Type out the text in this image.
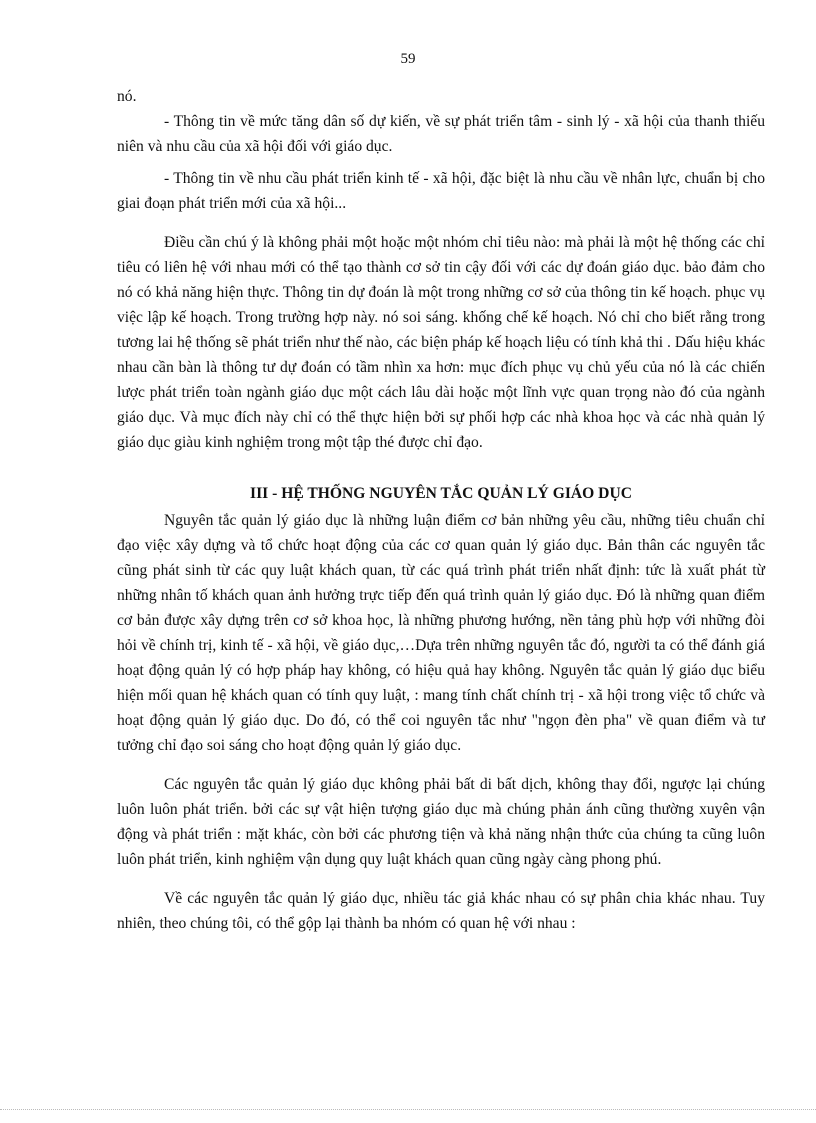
59

nó.

- Thông tin về mức tăng dân số dự kiến, về sự phát triển tâm - sinh lý - xã hội của thanh thiếu niên và nhu cầu của xã hội đối với giáo dục.

- Thông tin về nhu cầu phát triển kinh tế - xã hội, đặc biệt là nhu cầu về nhân lực, chuẩn bị cho giai đoạn phát triển mới của xã hội...

Điều cần chú ý là không phải một hoặc một nhóm chỉ tiêu nào: mà phải là một hệ thống các chỉ tiêu có liên hệ với nhau mới có thể tạo thành cơ sở tin cậy đối với các dự đoán giáo dục. bảo đảm cho nó có khả năng hiện thực. Thông tin dự đoán là một trong những cơ sở của thông tin kế hoạch. phục vụ việc lập kế hoạch. Trong trường hợp này. nó soi sáng. khống chế kế hoạch. Nó chỉ cho biết rằng trong tương lai hệ thống sẽ phát triển như thế nào, các biện pháp kế hoạch liệu có tính khả thi . Dấu hiệu khác nhau cần bàn là thông tư dự đoán có tầm nhìn xa hơn: mục đích phục vụ chủ yếu của nó là các chiến lược phát triển toàn ngành giáo dục một cách lâu dài hoặc một lĩnh vực quan trọng nào đó của ngành giáo dục. Và mục đích này chỉ có thể thực hiện bởi sự phối hợp các nhà khoa học và các nhà quản lý giáo dục giàu kinh nghiệm trong một tập thé được chỉ đạo.

III - HỆ THỐNG NGUYÊN TẮC QUẢN LÝ GIÁO DỤC

Nguyên tắc quản lý giáo dục là những luận điểm cơ bản những yêu cầu, những tiêu chuẩn chỉ đạo việc xây dựng và tổ chức hoạt động của các cơ quan quản lý giáo dục. Bản thân các nguyên tắc cũng phát sinh từ các quy luật khách quan, từ các quá trình phát triển nhất định: tức là xuất phát từ những nhân tố khách quan ảnh hưởng trực tiếp đến quá trình quản lý giáo dục. Đó là những quan điểm cơ bản được xây dựng trên cơ sở khoa học, là những phương hướng, nền tảng phù hợp với những đòi hỏi về chính trị, kinh tế - xã hội, về giáo dục,…Dựa trên những nguyên tắc đó, người ta có thể đánh giá hoạt động quản lý có hợp pháp hay không, có hiệu quả hay không. Nguyên tắc quản lý giáo dục biểu hiện mối quan hệ khách quan có tính quy luật, : mang tính chất chính trị - xã hội trong việc tổ chức và hoạt động quản lý giáo dục. Do đó, có thể coi nguyên tắc như "ngọn đèn pha" về quan điểm và tư tưởng chỉ đạo soi sáng cho hoạt động quản lý giáo dục.

Các nguyên tắc quản lý giáo dục không phải bất di bất dịch, không thay đổi, ngược lại chúng luôn luôn phát triển. bởi các sự vật hiện tượng giáo dục mà chúng phản ánh cũng thường xuyên vận động và phát triển : mặt khác, còn bởi các phương tiện và khả năng nhận thức của chúng ta cũng luôn luôn phát triển, kinh nghiệm vận dụng quy luật khách quan cũng ngày càng phong phú.

Về các nguyên tắc quản lý giáo dục, nhiều tác giả khác nhau có sự phân chia khác nhau. Tuy nhiên, theo chúng tôi, có thể gộp lại thành ba nhóm có quan hệ với nhau :
